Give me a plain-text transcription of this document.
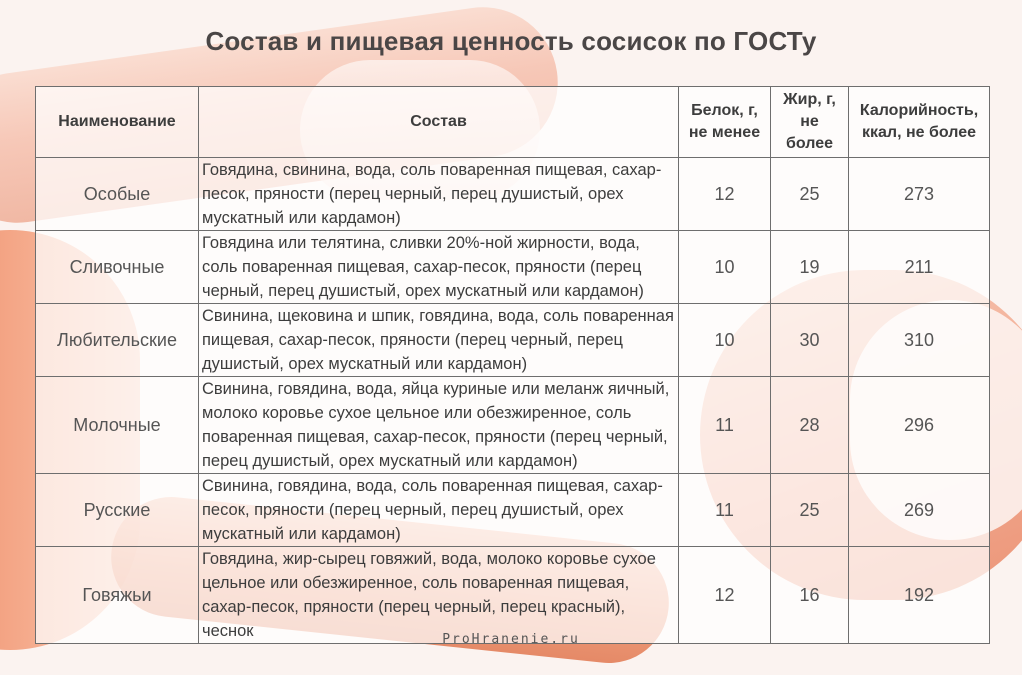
Состав и пищевая ценность сосисок по ГОСТу
Наименование	Состав	Белок, г, не менее	Жир, г, не более	Калорийность, ккал, не более
Особые	Говядина, свинина, вода, соль поваренная пищевая, сахар-песок, пряности (перец черный, перец душистый, орех мускатный или кардамон)	12	25	273
Сливочные	Говядина или телятина, сливки 20%-ной жирности, вода, соль поваренная пищевая, сахар-песок, пряности (перец черный, перец душистый, орех мускатный или кардамон)	10	19	211
Любительские	Свинина, щековина и шпик, говядина, вода, соль поваренная пищевая, сахар-песок, пряности (перец черный, перец душистый, орех мускатный или кардамон)	10	30	310
Молочные	Свинина, говядина, вода, яйца куриные или меланж яичный, молоко коровье сухое цельное или обезжиренное, соль поваренная пищевая, сахар-песок, пряности (перец черный, перец душистый, орех мускатный или кардамон)	11	28	296
Русские	Свинина, говядина, вода, соль поваренная пищевая, сахар-песок, пряности (перец черный, перец душистый, орех мускатный или кардамон)	11	25	269
Говяжьи	Говядина, жир-сырец говяжий, вода, молоко коровье сухое цельное или обезжиренное, соль поваренная пищевая, сахар-песок, пряности (перец черный, перец красный), чеснок	12	16	192
ProHranenie.ru
